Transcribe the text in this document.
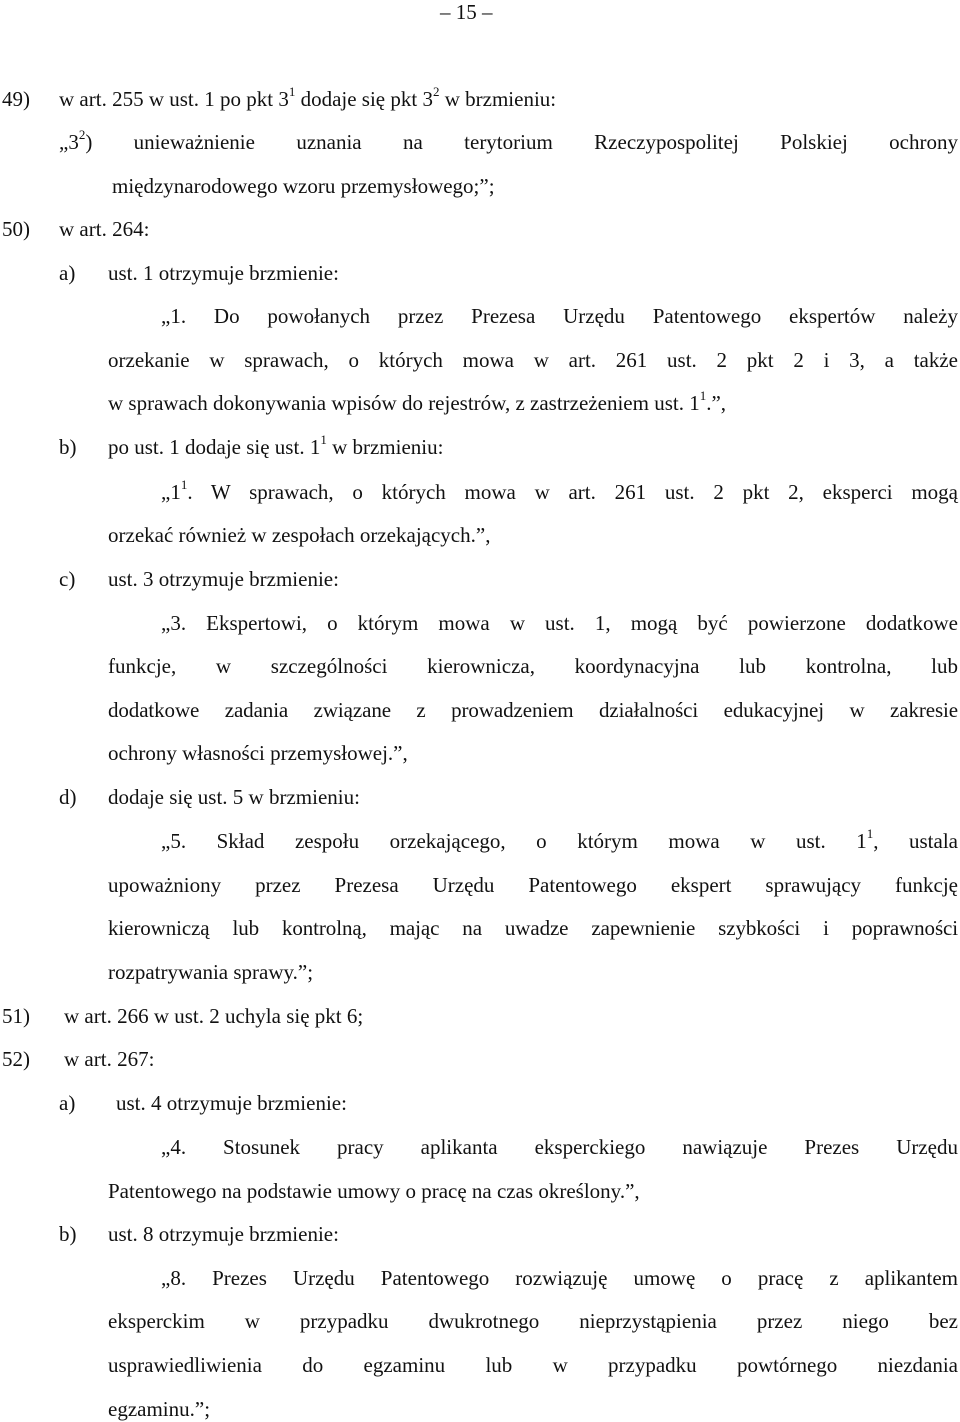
– 15 –
49) w art. 255 w ust. 1 po pkt $3^1$ dodaje się pkt $3^2$ w brzmieniu:
$„3^2$) unieważnienie uznania na terytorium Rzeczypospolitej Polskiej ochrony
międzynarodowego wzoru przemysłowego;”;
50) w art. 264:
a) ust. 1 otrzymuje brzmienie:
„1. Do powołanych przez Prezesa Urzędu Patentowego ekspertów należy
orzekanie w sprawach, o których mowa w art. 261 ust. 2 pkt 2 i 3, a także
w sprawach dokonywania wpisów do rejestrów, z zastrzeżeniem ust. $1^1$.”,
b) po ust. 1 dodaje się ust. $1^1$ w brzmieniu:
$„1^1$. W sprawach, o których mowa w art. 261 ust. 2 pkt 2, eksperci mogą
orzekać również w zespołach orzekających.”,
c) ust. 3 otrzymuje brzmienie:
„3. Ekspertowi, o którym mowa w ust. 1, mogą być powierzone dodatkowe
funkcje, w szczególności kierownicza, koordynacyjna lub kontrolna, lub
dodatkowe zadania związane z prowadzeniem działalności edukacyjnej w zakresie
ochrony własności przemysłowej.”,
d) dodaje się ust. 5 w brzmieniu:
„5. Skład zespołu orzekającego, o którym mowa w ust. $1^1$, ustala
upoważniony przez Prezesa Urzędu Patentowego ekspert sprawujący funkcję
kierowniczą lub kontrolną, mając na uwadze zapewnienie szybkości i poprawności
rozpatrywania sprawy.”;
51) w art. 266 w ust. 2 uchyla się pkt 6;
52) w art. 267:
a) ust. 4 otrzymuje brzmienie:
„4. Stosunek pracy aplikanta eksperckiego nawiązuje Prezes Urzędu
Patentowego na podstawie umowy o pracę na czas określony.”,
b) ust. 8 otrzymuje brzmienie:
„8. Prezes Urzędu Patentowego rozwiązuję umowę o pracę z aplikantem
eksperckim w przypadku dwukrotnego nieprzystąpienia przez niego bez
usprawiedliwienia do egzaminu lub w przypadku powtórnego niezdania
egzaminu.”;
